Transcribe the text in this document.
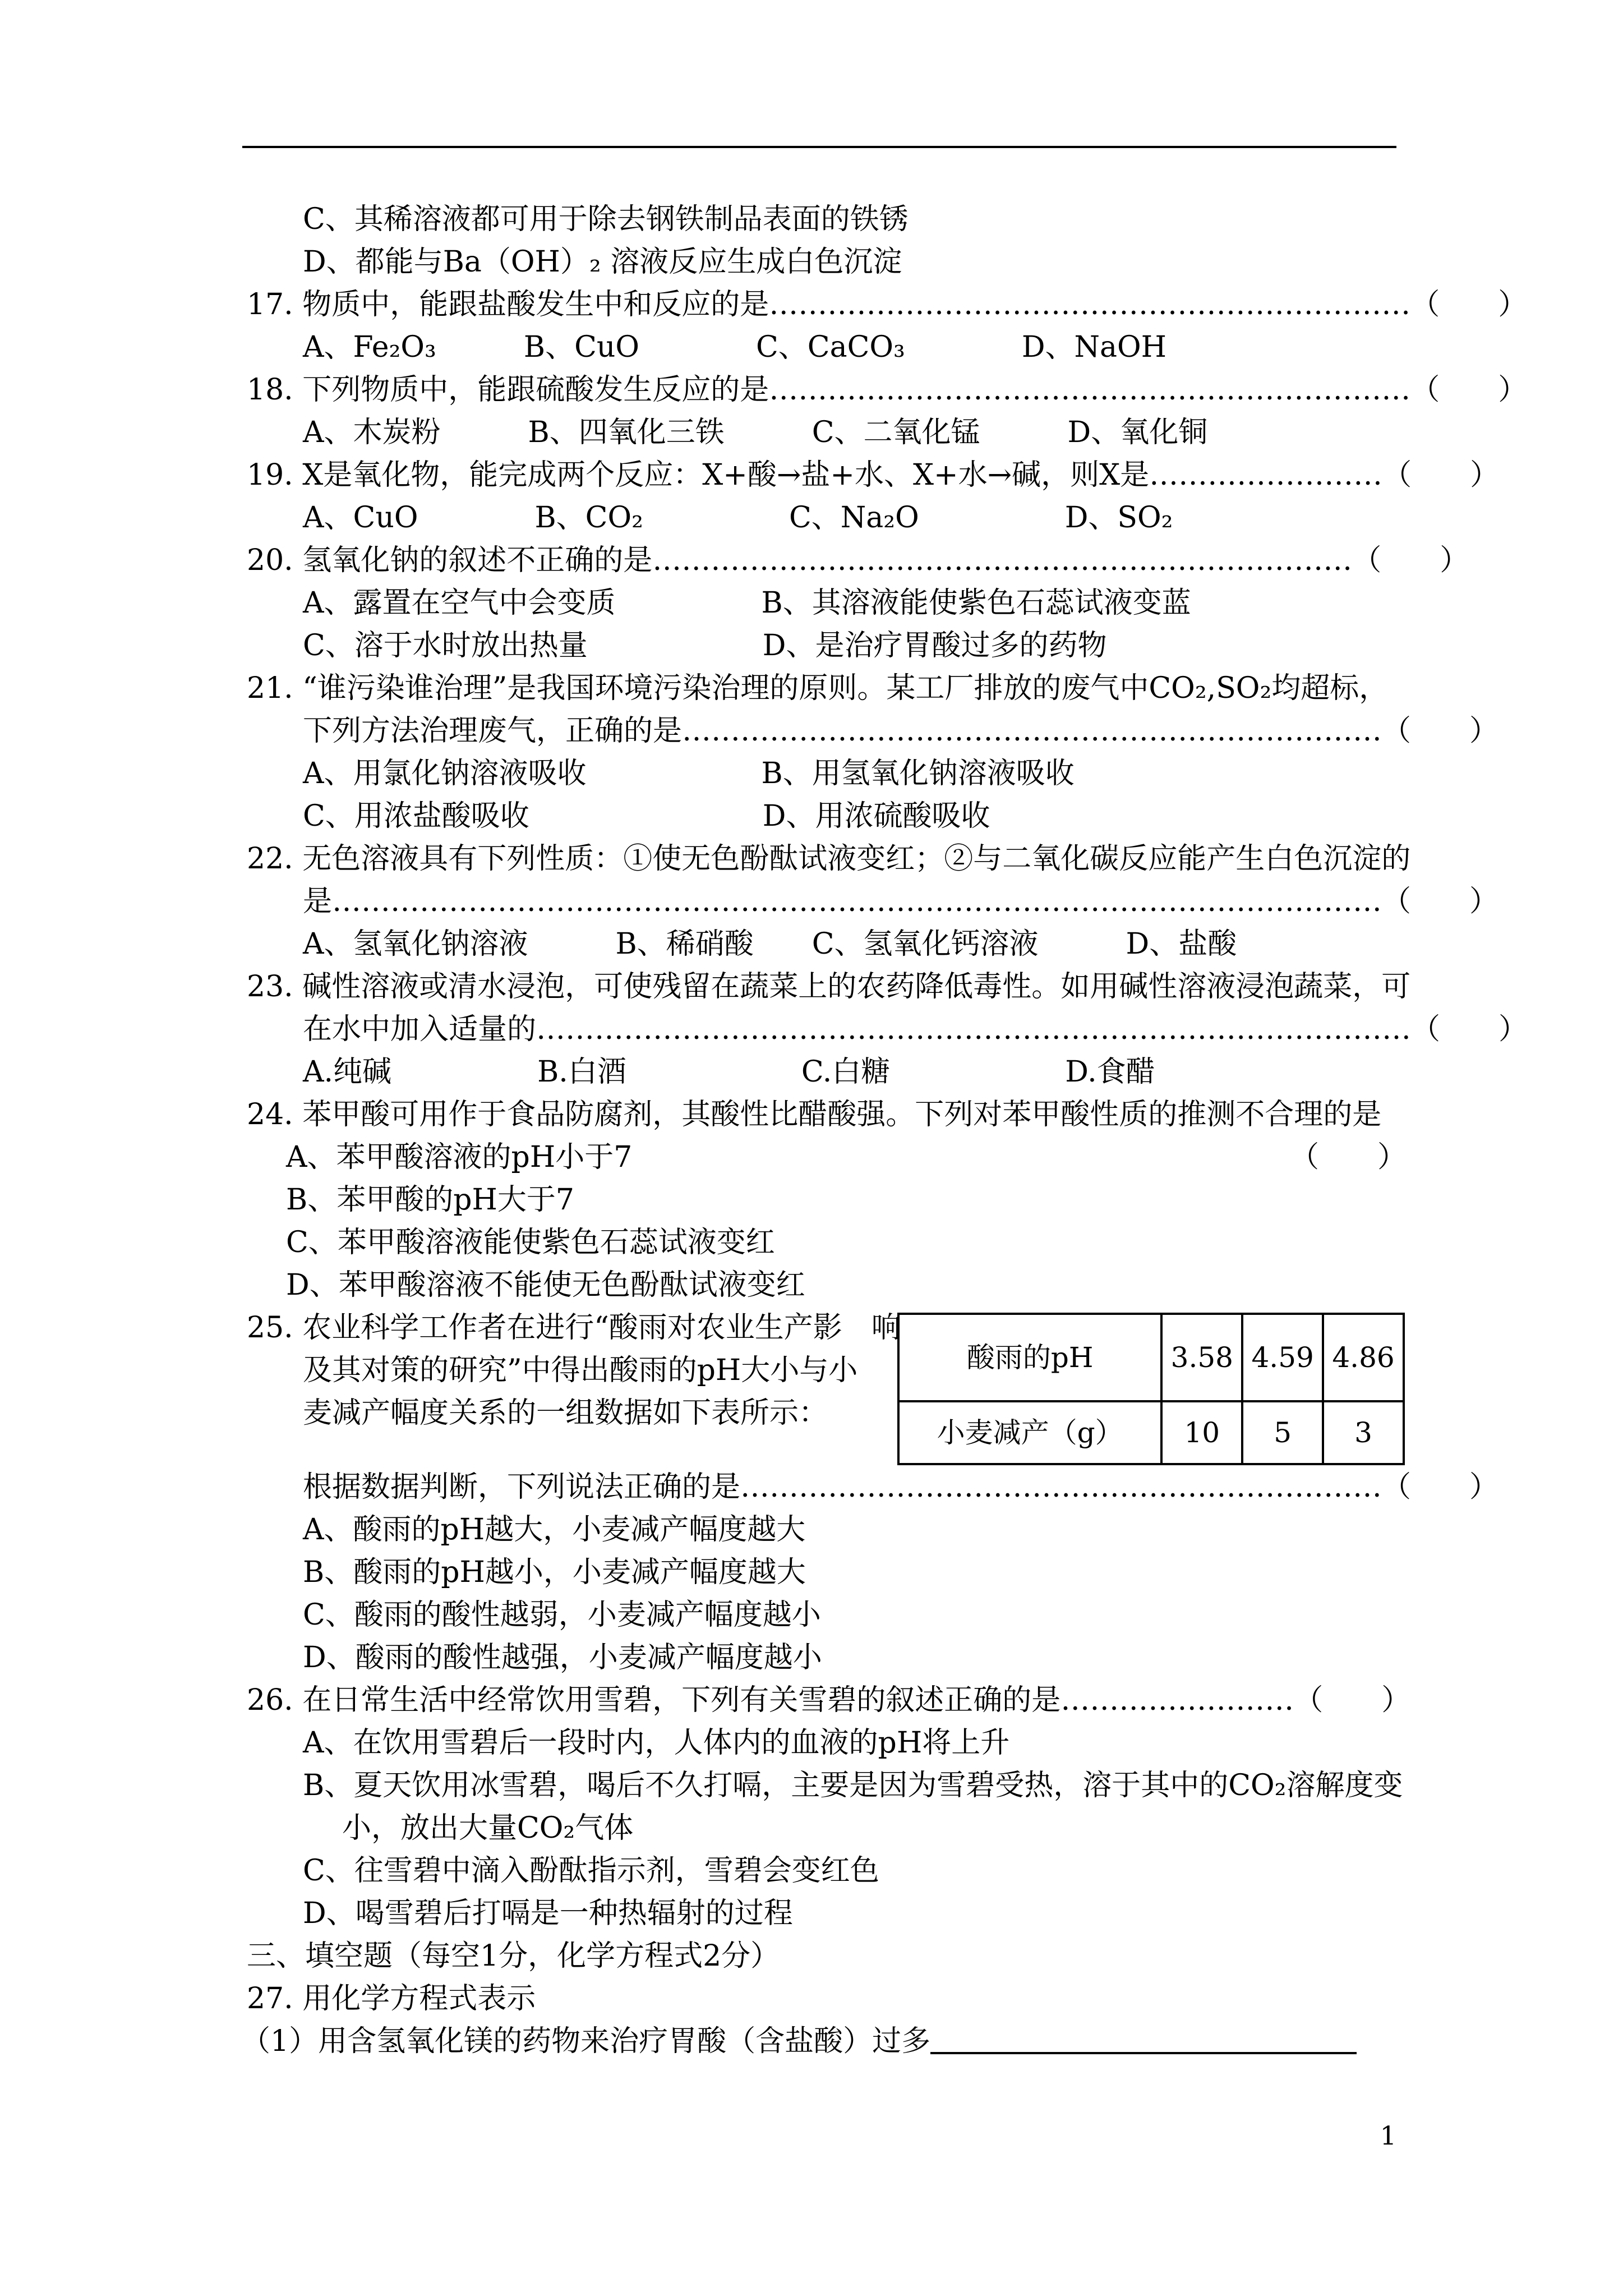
C、其稀溶液都可用于除去钢铁制品表面的铁锈
D、都能与Ba（OH）₂ 溶液反应生成白色沉淀
17. 物质中，能跟盐酸发生中和反应的是…………………………………………………………（　　）
A、Fe₂O₃　　　B、CuO　　　　C、CaCO₃　　　　D、NaOH
18. 下列物质中，能跟硫酸发生反应的是…………………………………………………………（　　）
A、木炭粉　　　B、四氧化三铁　　　C、二氧化锰　　　D、氧化铜
19. X是氧化物，能完成两个反应：X+酸→盐+水、X+水→碱，则X是……………………（　　）
A、CuO　　　　B、CO₂　　　　　C、Na₂O　　　　　D、SO₂
20. 氢氧化钠的叙述不正确的是………………………………………………………………（　　）
A、露置在空气中会变质　　　　　B、其溶液能使紫色石蕊试液变蓝
C、溶于水时放出热量　　　　　　D、是治疗胃酸过多的药物
21. “谁污染谁治理”是我国环境污染治理的原则。某工厂排放的废气中CO₂,SO₂均超标，
下列方法治理废气，正确的是………………………………………………………………（　　）
A、用氯化钠溶液吸收　　　　　　B、用氢氧化钠溶液吸收
C、用浓盐酸吸收　　　　　　　　D、用浓硫酸吸收
22. 无色溶液具有下列性质：①使无色酚酞试液变红；②与二氧化碳反应能产生白色沉淀的
是………………………………………………………………………………………………（　　）
A、氢氧化钠溶液　　　B、稀硝酸　　C、氢氧化钙溶液　　　D、盐酸
23. 碱性溶液或清水浸泡，可使残留在蔬菜上的农药降低毒性。如用碱性溶液浸泡蔬菜，可
在水中加入适量的………………………………………………………………………………（　　）
A.纯碱　　　　　B.白酒　　　　　　C.白糖　　　　　　D.食醋
24. 苯甲酸可用作于食品防腐剂，其酸性比醋酸强。下列对苯甲酸性质的推测不合理的是
A、苯甲酸溶液的pH小于7	（　　）
B、苯甲酸的pH大于7
C、苯甲酸溶液能使紫色石蕊试液变红
D、苯甲酸溶液不能使无色酚酞试液变红
25. 农业科学工作者在进行“酸雨对农业生产影　响
及其对策的研究”中得出酸雨的pH大小与小
麦减产幅度关系的一组数据如下表所示：
酸雨的pH	3.58	4.59	4.86
小麦减产（g）	10	5	3
根据数据判断，下列说法正确的是…………………………………………………………（　　）
A、酸雨的pH越大，小麦减产幅度越大
B、酸雨的pH越小，小麦减产幅度越大
C、酸雨的酸性越弱，小麦减产幅度越小
D、酸雨的酸性越强，小麦减产幅度越小
26. 在日常生活中经常饮用雪碧，下列有关雪碧的叙述正确的是……………………（　　）
A、在饮用雪碧后一段时内，人体内的血液的pH将上升
B、夏天饮用冰雪碧，喝后不久打嗝，主要是因为雪碧受热，溶于其中的CO₂溶解度变
小，放出大量CO₂气体
C、往雪碧中滴入酚酞指示剂，雪碧会变红色
D、喝雪碧后打嗝是一种热辐射的过程
三、填空题（每空1分，化学方程式2分）
27. 用化学方程式表示
（1）用含氢氧化镁的药物来治疗胃酸（含盐酸）过多
1
